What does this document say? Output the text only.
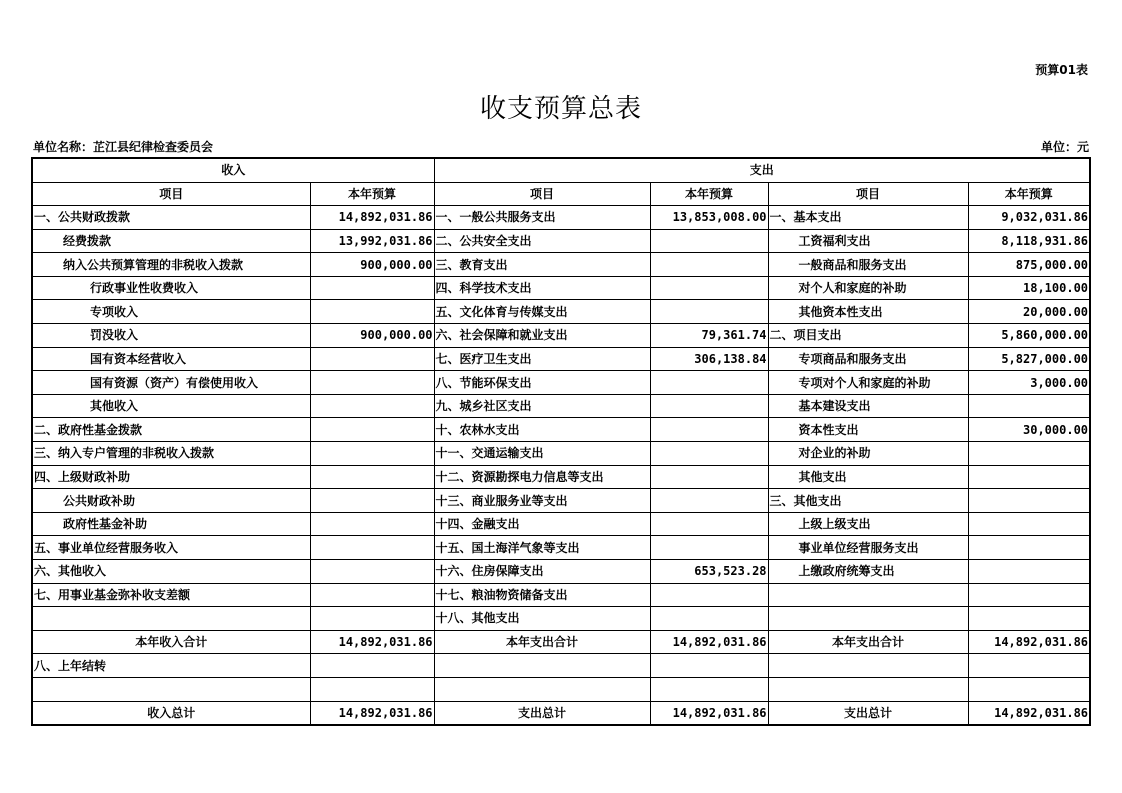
预算01表
收支预算总表
单位名称：芷江县纪律检查委员会	单位：元
收入		支出			
项目	本年预算	项目	本年预算	项目	本年预算
一、公共财政拨款	14,892,031.86	一、一般公共服务支出	13,853,008.00	一、基本支出	9,032,031.86
经费拨款	13,992,031.86	二、公共安全支出		工资福利支出	8,118,931.86
纳入公共预算管理的非税收入拨款	900,000.00	三、教育支出		一般商品和服务支出	875,000.00
行政事业性收费收入		四、科学技术支出		对个人和家庭的补助	18,100.00
专项收入		五、文化体育与传媒支出		其他资本性支出	20,000.00
罚没收入	900,000.00	六、社会保障和就业支出	79,361.74	二、项目支出	5,860,000.00
国有资本经营收入		七、医疗卫生支出	306,138.84	专项商品和服务支出	5,827,000.00
国有资源（资产）有偿使用收入		八、节能环保支出		专项对个人和家庭的补助	3,000.00
其他收入		九、城乡社区支出		基本建设支出	
二、政府性基金拨款		十、农林水支出		资本性支出	30,000.00
三、纳入专户管理的非税收入拨款		十一、交通运输支出		对企业的补助	
四、上级财政补助		十二、资源勘探电力信息等支出		其他支出	
公共财政补助		十三、商业服务业等支出		三、其他支出	
政府性基金补助		十四、金融支出		上级上级支出	
五、事业单位经营服务收入		十五、国土海洋气象等支出		事业单位经营服务支出	
六、其他收入		十六、住房保障支出	653,523.28	上缴政府统筹支出	
七、用事业基金弥补收支差额		十七、粮油物资储备支出			
		十八、其他支出			
本年收入合计	14,892,031.86	本年支出合计	14,892,031.86	本年支出合计	14,892,031.86
八、上年结转					

收入总计	14,892,031.86	支出总计	14,892,031.86	支出总计	14,892,031.86
